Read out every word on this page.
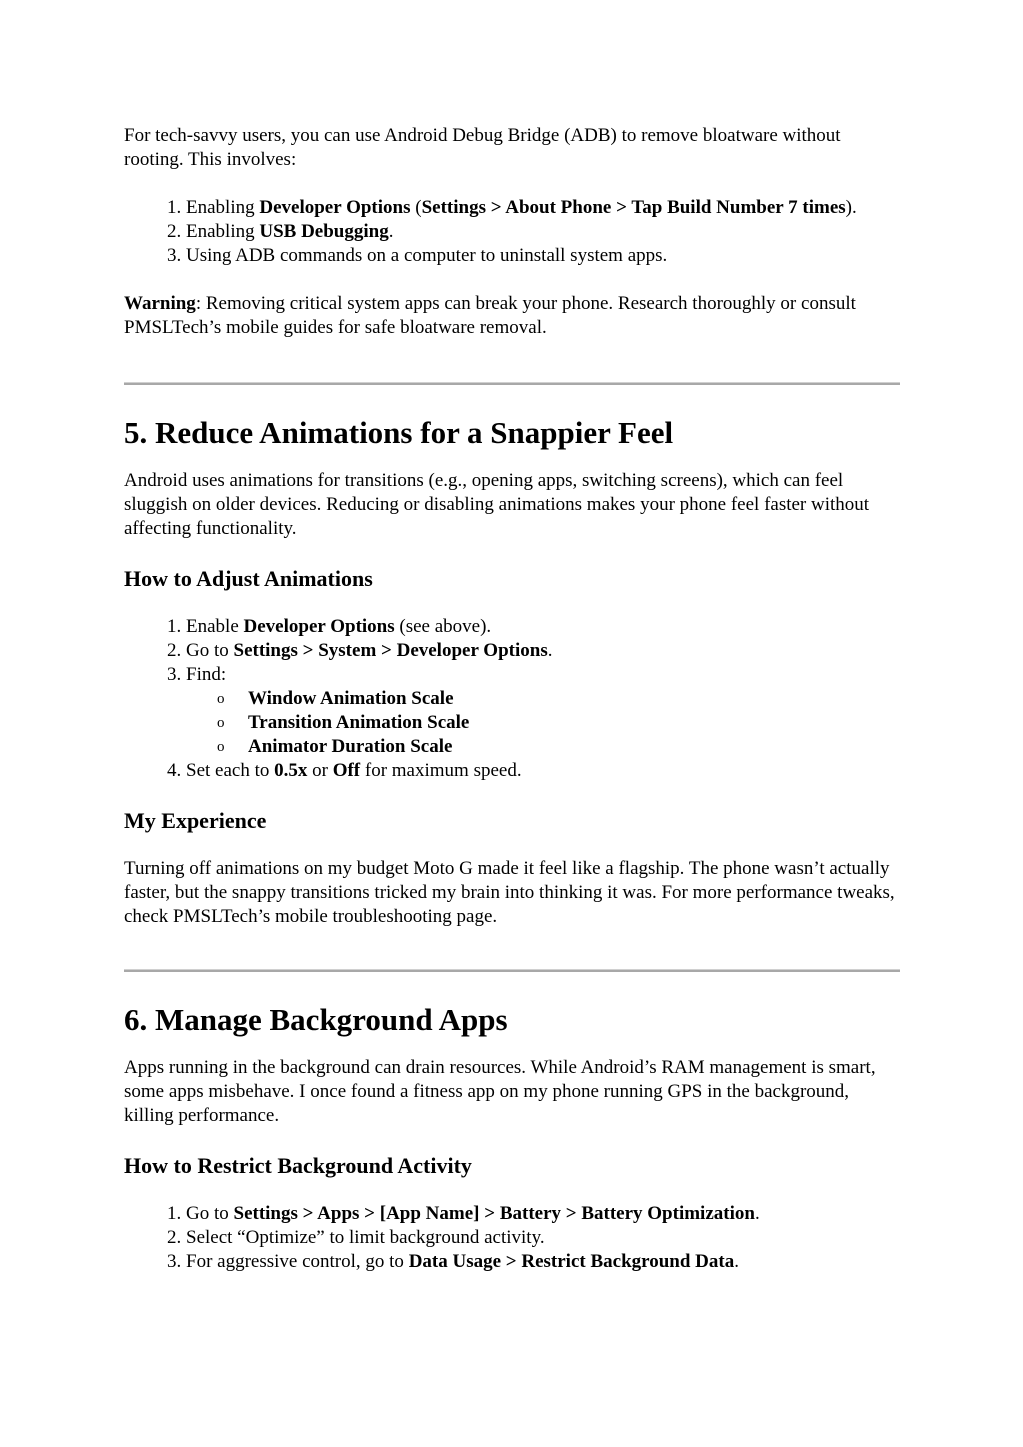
For tech-savvy users, you can use Android Debug Bridge (ADB) to remove bloatware without rooting. This involves:

1. Enabling Developer Options (Settings > About Phone > Tap Build Number 7 times).
2. Enabling USB Debugging.
3. Using ADB commands on a computer to uninstall system apps.

Warning: Removing critical system apps can break your phone. Research thoroughly or consult PMSLTech’s mobile guides for safe bloatware removal.

5. Reduce Animations for a Snappier Feel

Android uses animations for transitions (e.g., opening apps, switching screens), which can feel sluggish on older devices. Reducing or disabling animations makes your phone feel faster without affecting functionality.

How to Adjust Animations
1. Enable Developer Options (see above).
2. Go to Settings > System > Developer Options.
3. Find:
o Window Animation Scale
o Transition Animation Scale
o Animator Duration Scale
4. Set each to 0.5x or Off for maximum speed.
My Experience

Turning off animations on my budget Moto G made it feel like a flagship. The phone wasn’t actually faster, but the snappy transitions tricked my brain into thinking it was. For more performance tweaks, check PMSLTech’s mobile troubleshooting page.

6. Manage Background Apps

Apps running in the background can drain resources. While Android’s RAM management is smart, some apps misbehave. I once found a fitness app on my phone running GPS in the background, killing performance.

How to Restrict Background Activity
1. Go to Settings > Apps > [App Name] > Battery > Battery Optimization.
2. Select “Optimize” to limit background activity.
3. For aggressive control, go to Data Usage > Restrict Background Data.
